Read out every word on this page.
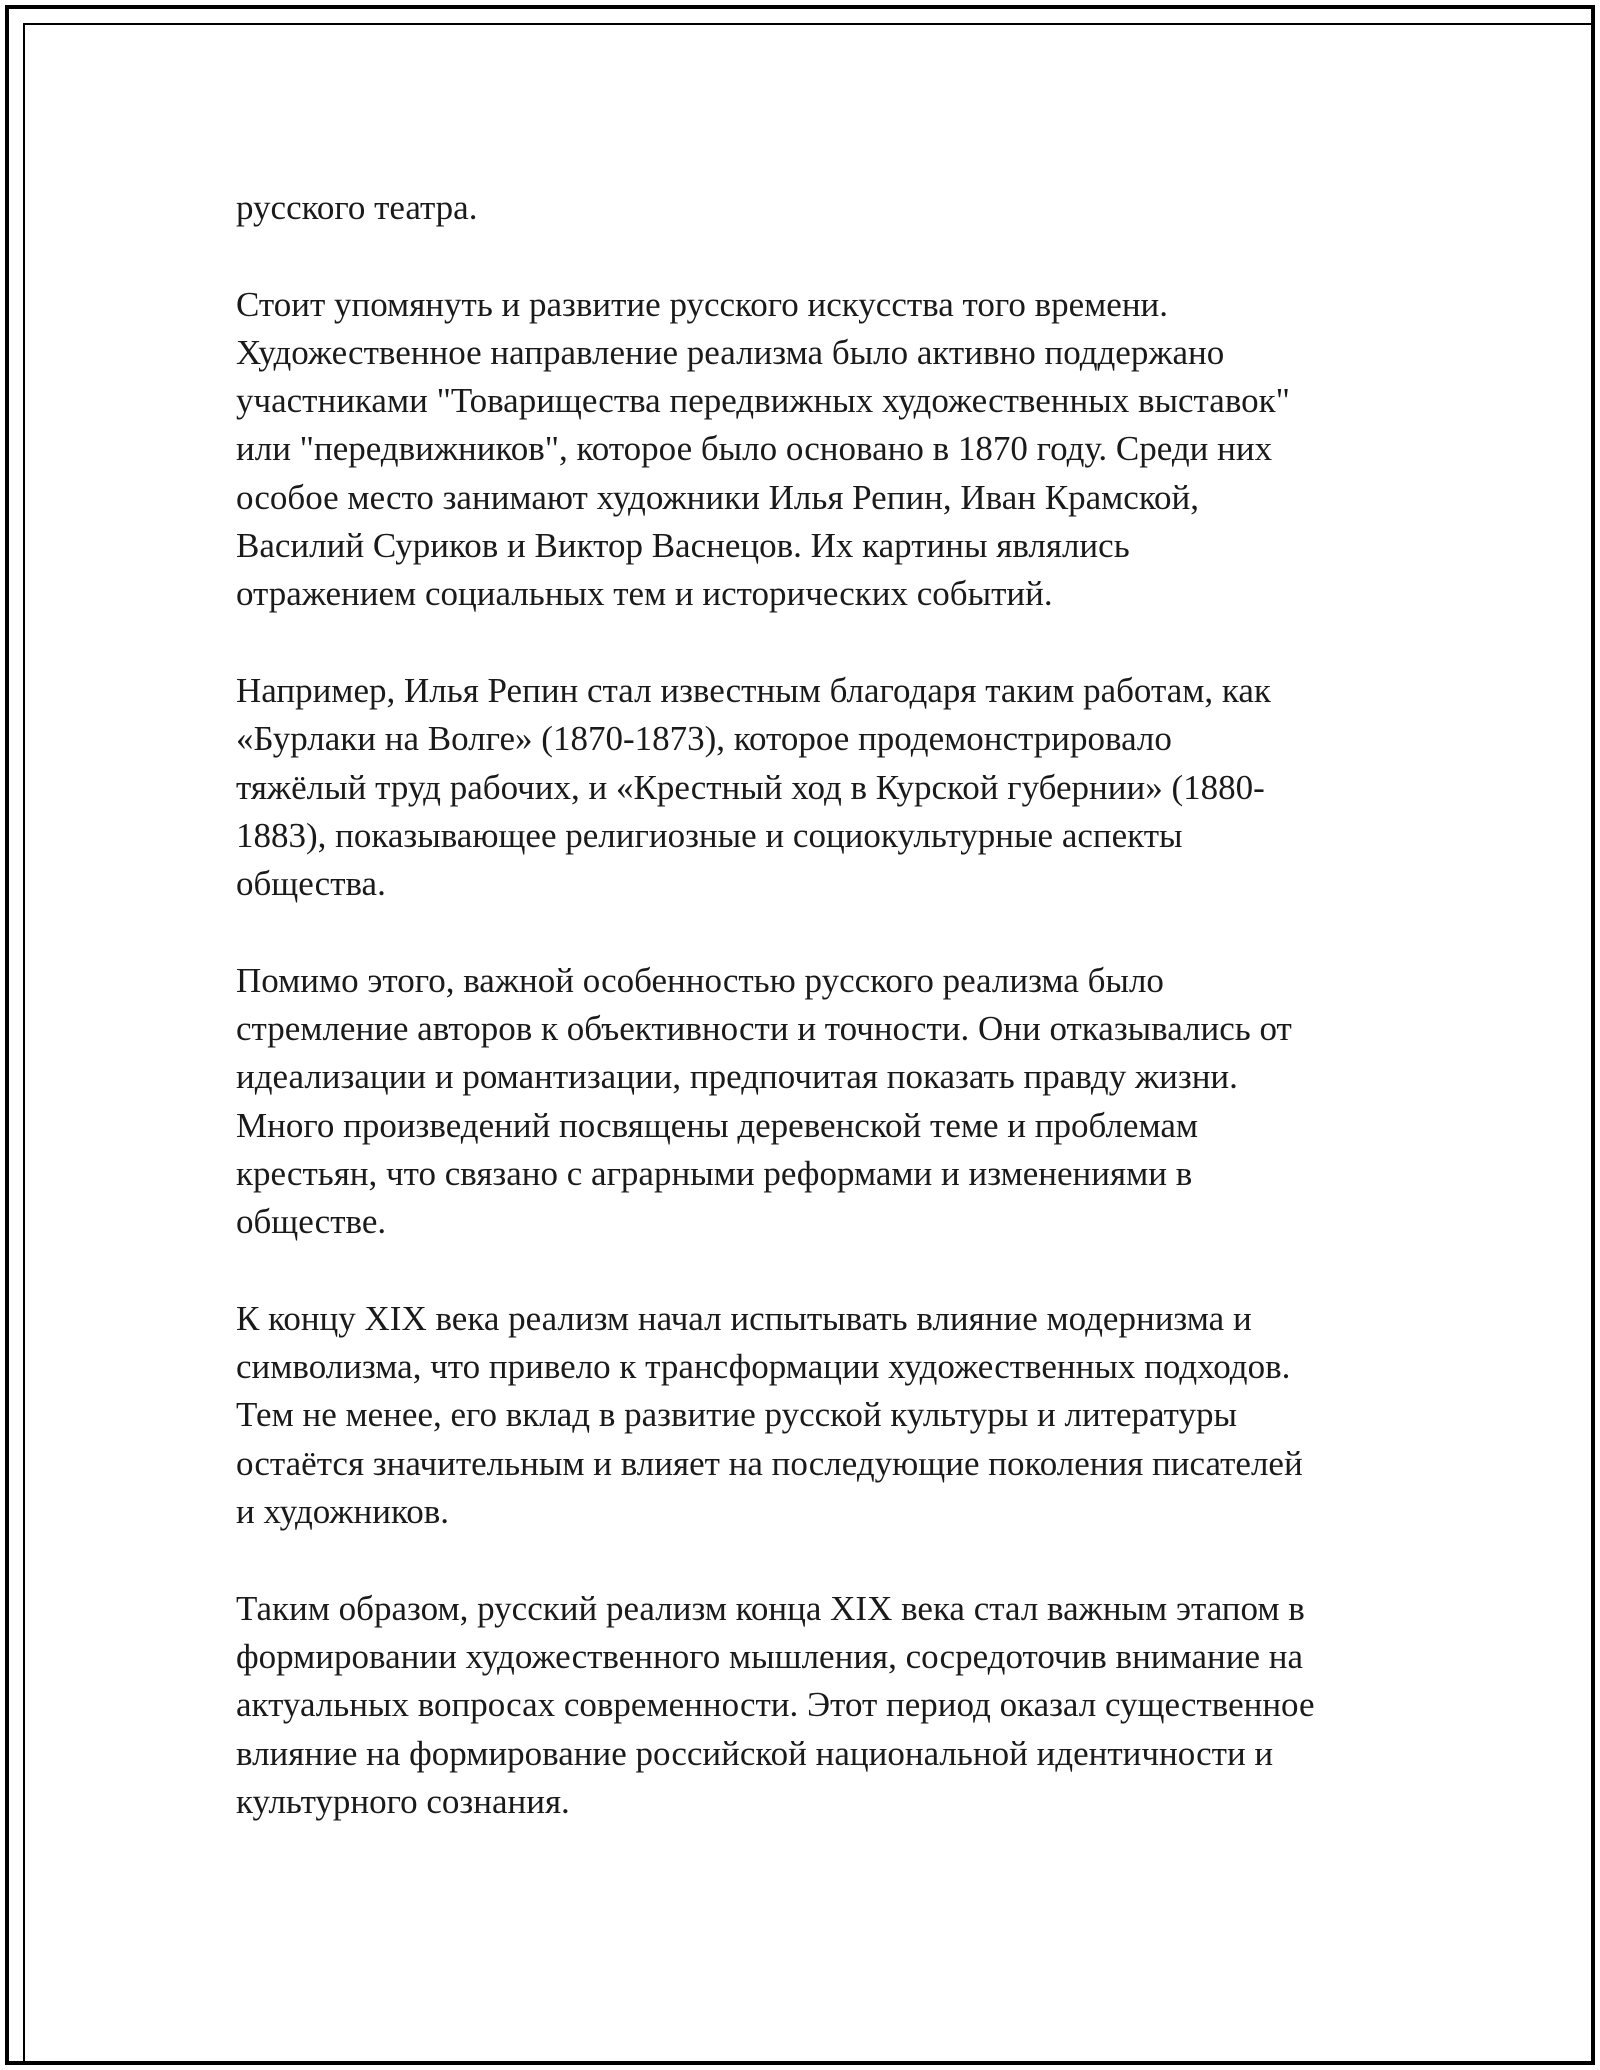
русского театра.

Стоит упомянуть и развитие русского искусства того времени.
Художественное направление реализма было активно поддержано
участниками "Товарищества передвижных художественных выставок"
или "передвижников", которое было основано в 1870 году. Среди них
особое место занимают художники Илья Репин, Иван Крамской,
Василий Суриков и Виктор Васнецов. Их картины являлись
отражением социальных тем и исторических событий.

Например, Илья Репин стал известным благодаря таким работам, как
«Бурлаки на Волге» (1870-1873), которое продемонстрировало
тяжёлый труд рабочих, и «Крестный ход в Курской губернии» (1880-
1883), показывающее религиозные и социокультурные аспекты
общества.

Помимо этого, важной особенностью русского реализма было
стремление авторов к объективности и точности. Они отказывались от
идеализации и романтизации, предпочитая показать правду жизни.
Много произведений посвящены деревенской теме и проблемам
крестьян, что связано с аграрными реформами и изменениями в
обществе.

К концу XIX века реализм начал испытывать влияние модернизма и
символизма, что привело к трансформации художественных подходов.
Тем не менее, его вклад в развитие русской культуры и литературы
остаётся значительным и влияет на последующие поколения писателей
и художников.

Таким образом, русский реализм конца XIX века стал важным этапом в
формировании художественного мышления, сосредоточив внимание на
актуальных вопросах современности. Этот период оказал существенное
влияние на формирование российской национальной идентичности и
культурного сознания.
